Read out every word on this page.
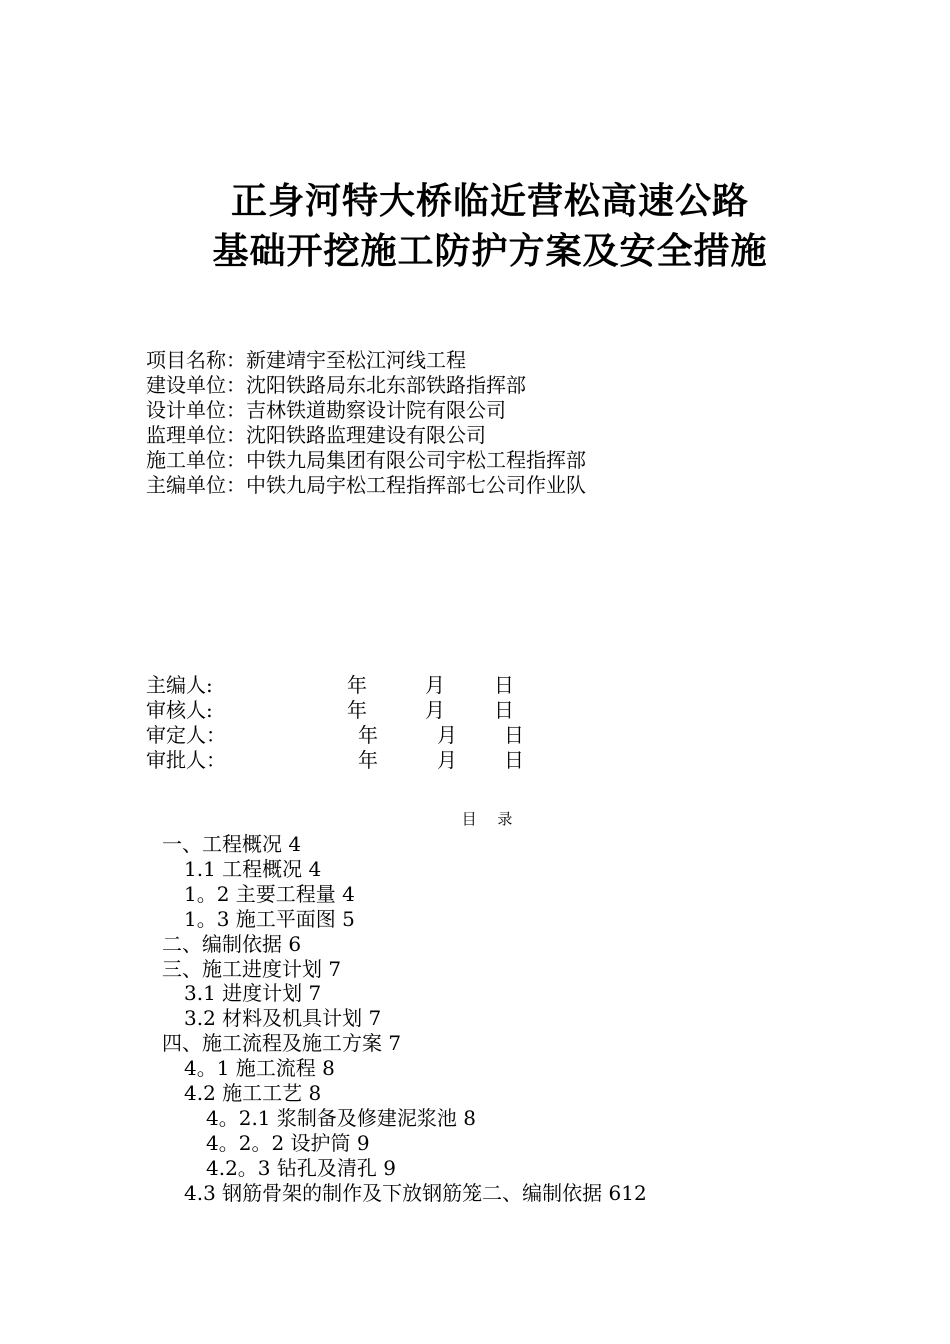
正身河特大桥临近营松高速公路
基础开挖施工防护方案及安全措施
项目名称：新建靖宇至松江河线工程
建设单位：沈阳铁路局东北东部铁路指挥部
设计单位：吉林铁道勘察设计院有限公司
监理单位：沈阳铁路监理建设有限公司
施工单位：中铁九局集团有限公司宇松工程指挥部
主编单位：中铁九局宇松工程指挥部七公司作业队
主编人:	年	月 日
审核人:	年	月 日
审定人：	年	月 日
审批人：	年	月 日
目 录
一、工程概况 4
1.1 工程概况 4
1。2 主要工程量 4
1。3 施工平面图 5
二、编制依据 6
三、施工进度计划 7
3.1 进度计划 7
3.2 材料及机具计划 7
四、施工流程及施工方案 7
4。1 施工流程 8
4.2 施工工艺 8
4。2.1 浆制备及修建泥浆池 8
4。2。2 设护筒 9
4.2。3 钻孔及清孔 9
4.3 钢筋骨架的制作及下放钢筋笼二、编制依据 612
